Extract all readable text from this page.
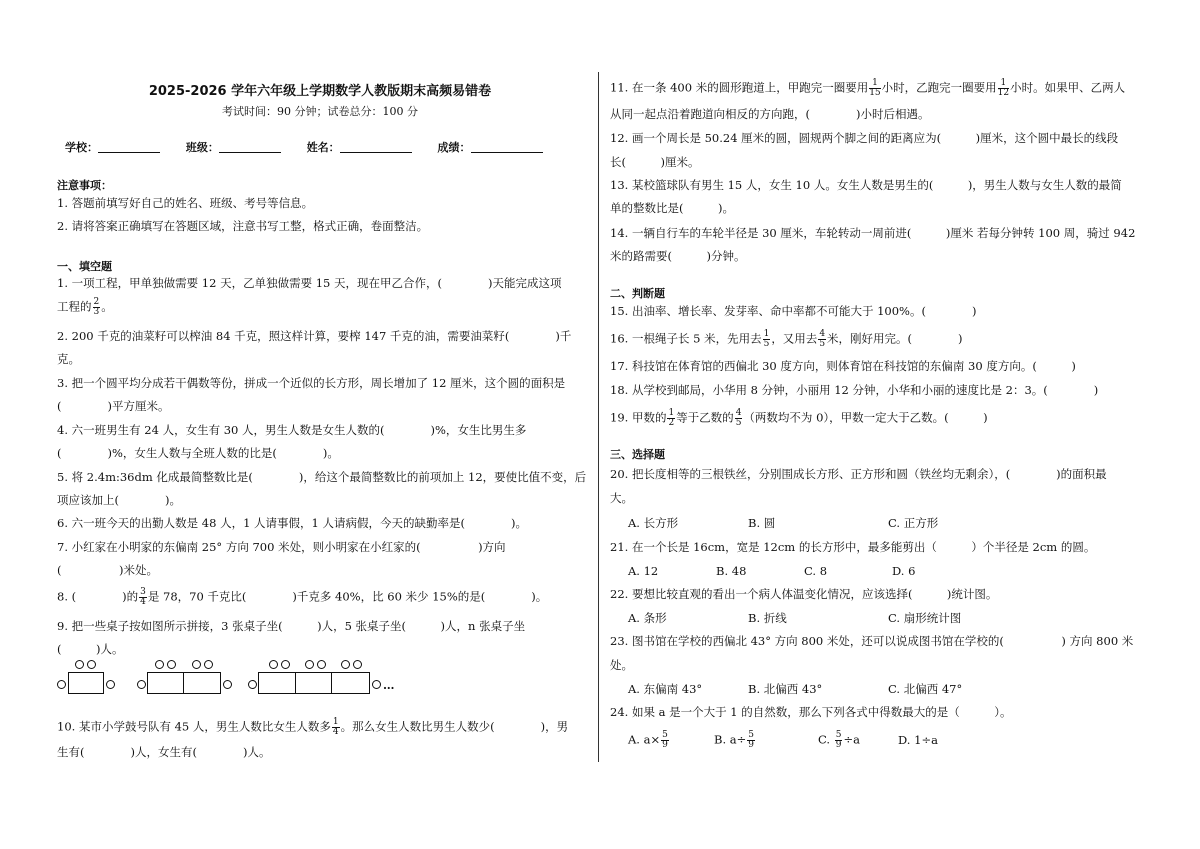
2025-2026 学年六年级上学期数学人教版期末高频易错卷
考试时间：90 分钟；试卷总分：100 分
学校：	班级：	姓名：	成绩：
注意事项：
1. 答题前填写好自己的姓名、班级、考号等信息。
2. 请将答案正确填写在答题区域，注意书写工整，格式正确，卷面整洁。
一、填空题
1. 一项工程，甲单独做需要 12 天，乙单独做需要 15 天，现在甲乙合作，(　　　　)天能完成这项
工程的 $\frac{2}{3}$ 。
2. 200 千克的油菜籽可以榨油 84 千克，照这样计算，要榨 147 千克的油，需要油菜籽(　　　　)千
克。
3. 把一个圆平均分成若干偶数等份，拼成一个近似的长方形，周长增加了 12 厘米，这个圆的面积是
(　　　　)平方厘米。
4. 六一班男生有 24 人，女生有 30 人，男生人数是女生人数的(　　　　)%，女生比男生多
(　　　　)%，女生人数与全班人数的比是(　　　　)。
5. 将 2.4m:36dm 化成最简整数比是(　　　　)，给这个最简整数比的前项加上 12，要使比值不变，后
项应该加上(　　　　)。
6. 六一班今天的出勤人数是 48 人，1 人请事假，1 人请病假，今天的缺勤率是(　　　　)。
7. 小红家在小明家的东偏南 25° 方向 700 米处，则小明家在小红家的(　　　　　)方向
(　　　　　)米处。
8. (　　　　)的 $\frac{3}{4}$ 是 78，70 千克比(　　　　)千克多 40%，比 60 米少 15%的是(　　　　)。
9. 把一些桌子按如图所示拼接，3 张桌子坐(　　　)人，5 张桌子坐(　　　)人，n 张桌子坐
(　　　)人。
…
10. 某市小学鼓号队有 45 人，男生人数比女生人数多 $\frac{1}{4}$ 。那么女生人数比男生人数少(　　　　)，男
生有(　　　　)人，女生有(　　　　)人。
11. 在一条 400 米的圆形跑道上，甲跑完一圈要用 $\frac{1}{15}$ 小时，乙跑完一圈要用 $\frac{1}{12}$ 小时。如果甲、乙两人
从同一起点沿着跑道向相反的方向跑，(　　　　)小时后相遇。
12. 画一个周长是 50.24 厘米的圆，圆规两个脚之间的距离应为(　　　)厘米，这个圆中最长的线段
长(　　　)厘米。
13. 某校篮球队有男生 15 人，女生 10 人。女生人数是男生的(　　　)，男生人数与女生人数的最简
单的整数比是(　　　)。
14. 一辆自行车的车轮半径是 30 厘米，车轮转动一周前进(　　　)厘米 若每分钟转 100 周，骑过 942
米的路需要(　　　)分钟。
二、判断题
15. 出油率、增长率、发芽率、命中率都不可能大于 100%。(　　　　)
16. 一根绳子长 5 米，先用去 $\frac{1}{5}$ ，又用去 $\frac{4}{5}$ 米，刚好用完。(　　　　)
17. 科技馆在体育馆的西偏北 30 度方向，则体育馆在科技馆的东偏南 30 度方向。(　　　)
18. 从学校到邮局，小华用 8 分钟，小丽用 12 分钟，小华和小丽的速度比是 2：3。(　　　　)
19. 甲数的 $\frac{1}{2}$ 等于乙数的 $\frac{4}{5}$ （两数均不为 0），甲数一定大于乙数。(　　　)
三、选择题
20. 把长度相等的三根铁丝，分别围成长方形、正方形和圆（铁丝均无剩余），(　　　　)的面积最
大。
A. 长方形	B. 圆	C. 正方形
21. 在一个长是 16cm，宽是 12cm 的长方形中，最多能剪出（　　　）个半径是 2cm 的圆。
A. 12	B. 48	C. 8	D. 6
22. 要想比较直观的看出一个病人体温变化情况，应该选择(　　　)统计图。
A. 条形	B. 折线	C. 扇形统计图
23. 图书馆在学校的西偏北 43° 方向 800 米处，还可以说成图书馆在学校的(　　　　　) 方向 800 米
处。
A. 东偏南 43°	B. 北偏西 43°	C. 北偏西 47°
24. 如果 a 是一个大于 1 的自然数，那么下列各式中得数最大的是（　　　）。
A. $a\times \frac{5}{9}$	B. $a\div \frac{5}{9}$	C. $\frac{5}{9} \div a$	D. 1÷a
